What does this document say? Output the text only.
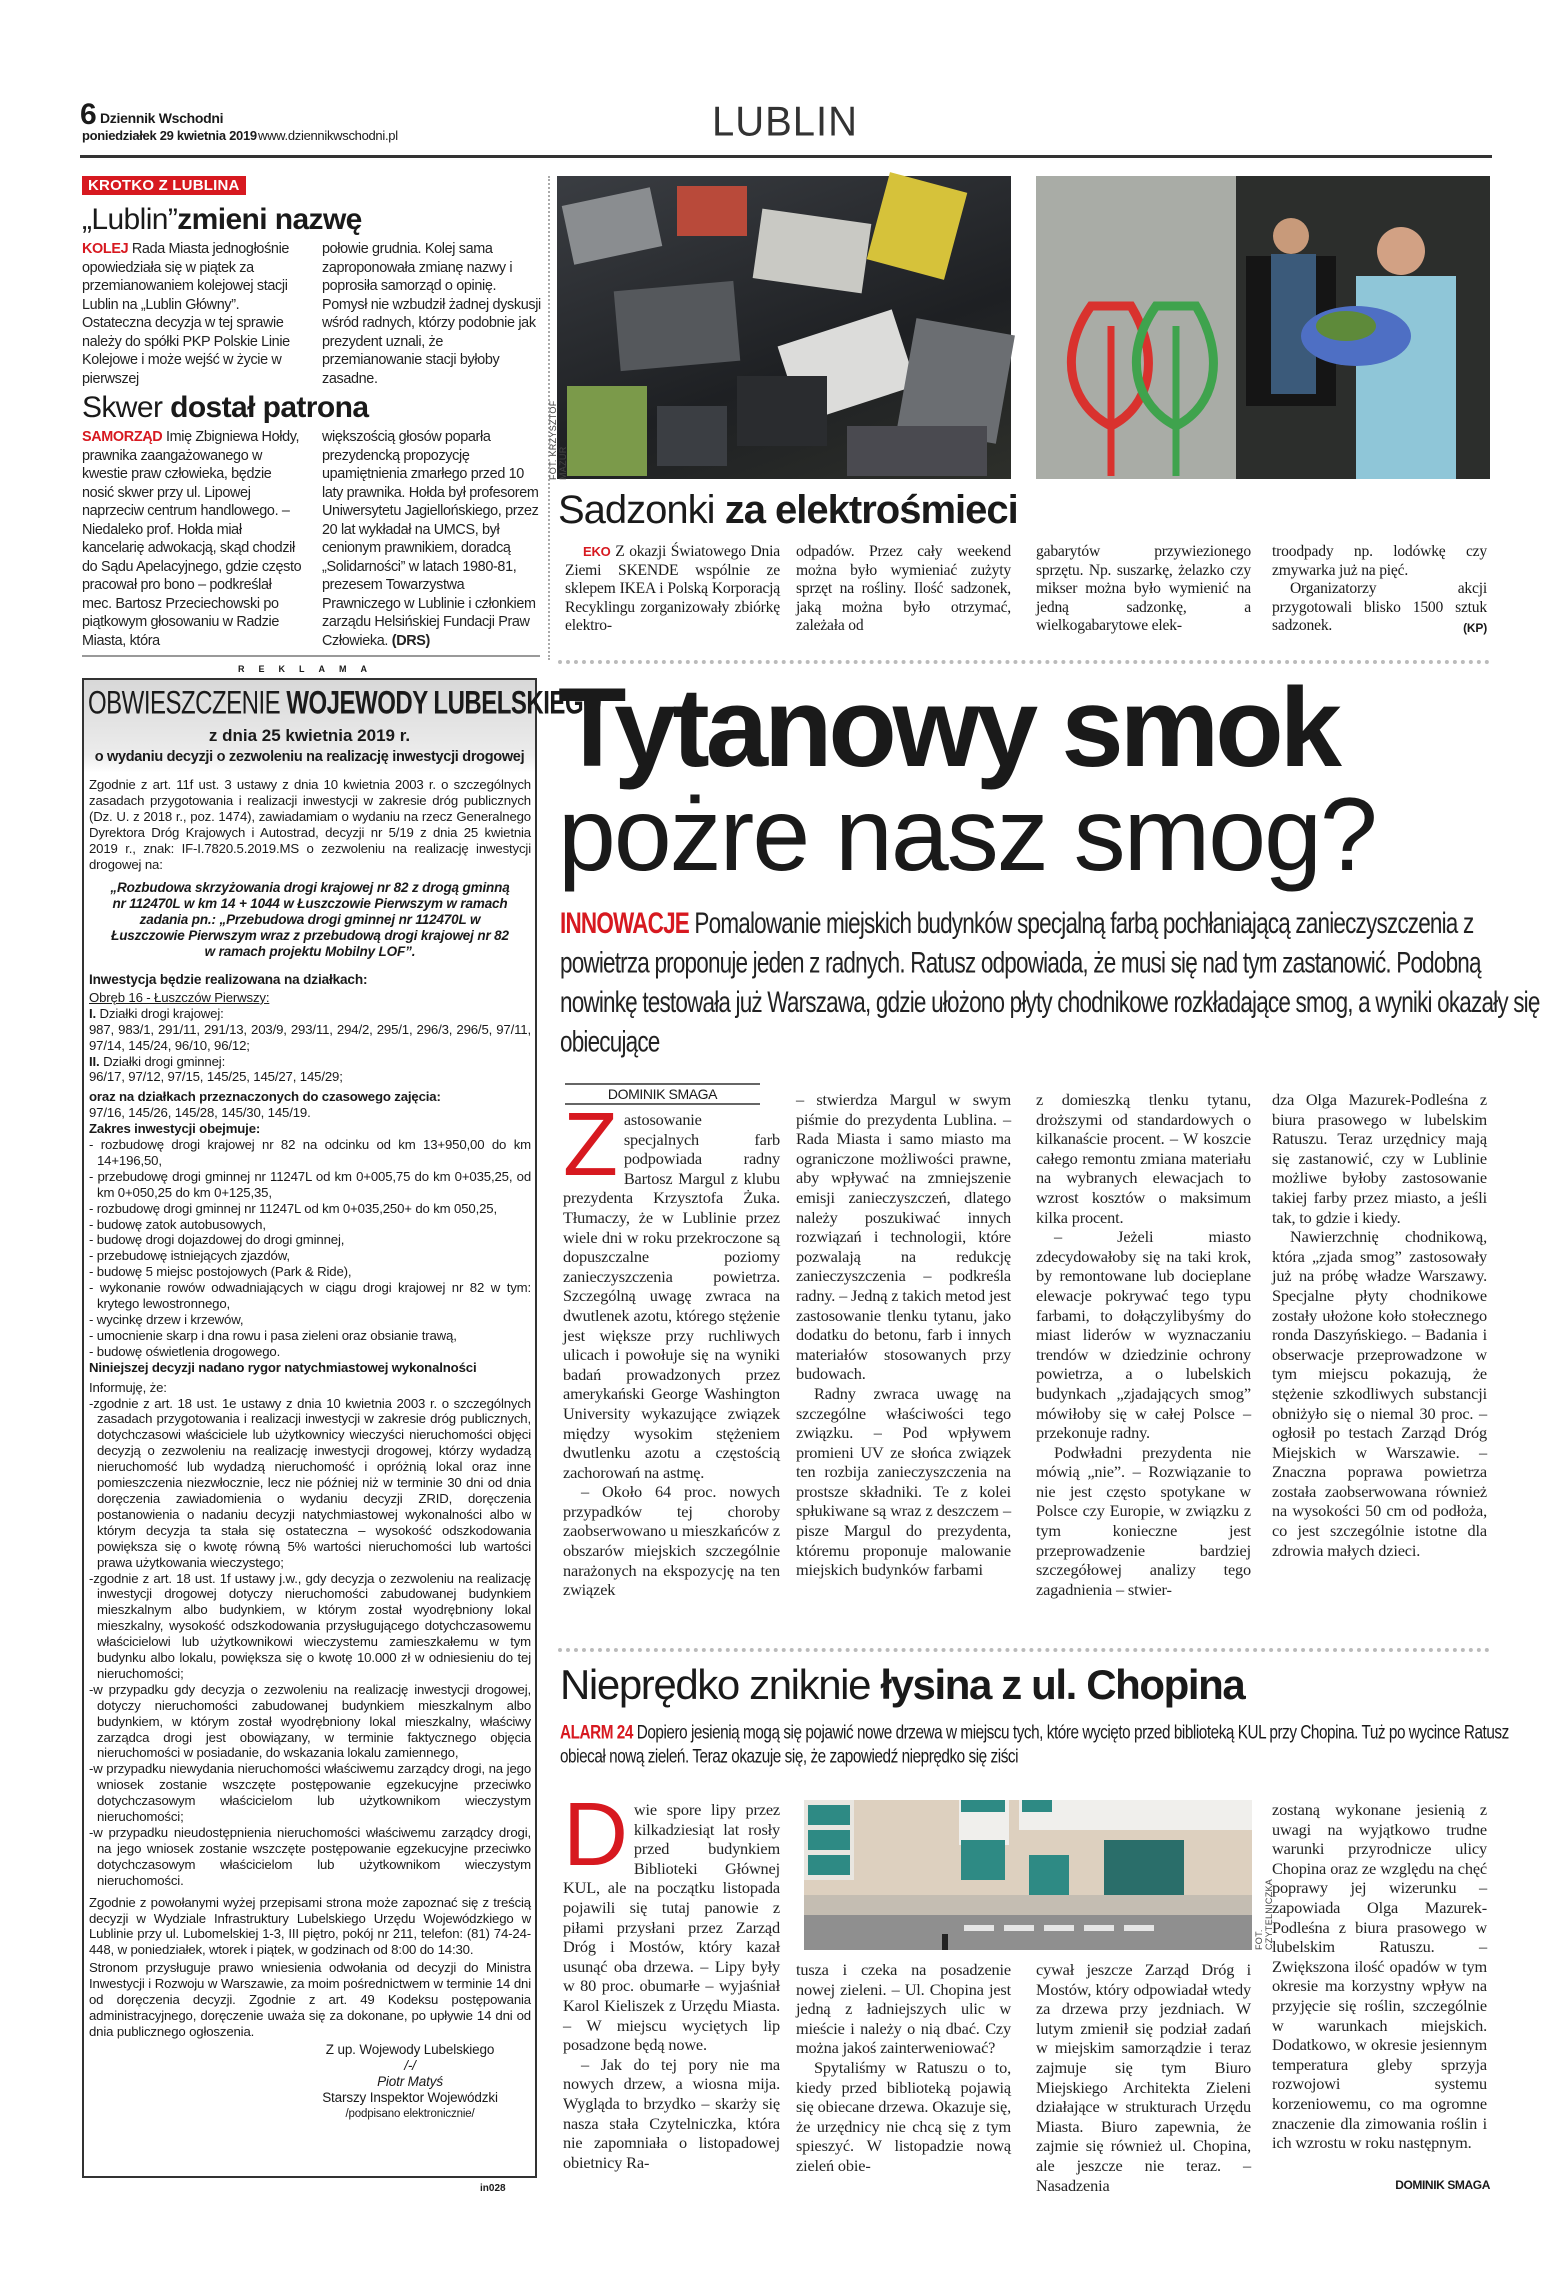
6 Dziennik Wschodni
poniedziałek 29 kwietnia 2019 www.dziennikwschodni.pl	LUBLIN
KROTKO Z LUBLINA
„Lublin”zmieni nazwę
KOLEJ Rada Miasta jednogłośnie opowiedziała się w piątek za przemianowaniem kolejowej stacji Lublin na „Lublin Główny”. Ostateczna decyzja w tej sprawie należy do spółki PKP Polskie Linie Kolejowe i może wejść w życie w pierwszej
połowie grudnia. Kolej sama zaproponowała zmianę nazwy i poprosiła samorząd o opinię. Pomysł nie wzbudził żadnej dyskusji wśród radnych, którzy podobnie jak prezydent uznali, że przemianowanie stacji byłoby zasadne.
Skwer dostał patrona
SAMORZĄD Imię Zbigniewa Hołdy, prawnika zaangażowanego w kwestie praw człowieka, będzie nosić skwer przy ul. Lipowej naprzeciw centrum handlowego. – Niedaleko prof. Hołda miał kancelarię adwokacją, skąd chodził do Sądu Apelacyjnego, gdzie często pracował pro bono – podkreślał mec. Bartosz Przeciechowski po piątkowym głosowaniu w Radzie Miasta, która
większością głosów poparła prezydencką propozycję upamiętnienia zmarłego przed 10 laty prawnika. Hołda był profesorem Uniwersytetu Jagiellońskiego, przez 20 lat wykładał na UMCS, był cenionym prawnikiem, doradcą „Solidarności” w latach 1980-81, prezesem Towarzystwa Prawniczego w Lublinie i członkiem zarządu Helsińskiej Fundacji Praw Człowieka. (DRS)
REKLAMA
OBWIESZCZENIE WOJEWODY LUBELSKIEGO
z dnia 25 kwietnia 2019 r.
o wydaniu decyzji o zezwoleniu na realizację inwestycji drogowej

Zgodnie z art. 11f ust. 3 ustawy z dnia 10 kwietnia 2003 r. o szczególnych zasadach przygotowania i realizacji inwestycji w zakresie dróg publicznych (Dz. U. z 2018 r., poz. 1474), zawiadamiam o wydaniu na rzecz Generalnego Dyrektora Dróg Krajowych i Autostrad, decyzji nr 5/19 z dnia 25 kwietnia 2019 r., znak: IF-I.7820.5.2019.MS o zezwoleniu na realizację inwestycji drogowej na:

„Rozbudowa skrzyżowania drogi krajowej nr 82 z drogą gminną nr 112470L w km 14 + 1044 w Łuszczowie Pierwszym w ramach zadania pn.: „Przebudowa drogi gminnej nr 112470L w Łuszczowie Pierwszym wraz z przebudową drogi krajowej nr 82 w ramach projektu Mobilny LOF”.

Inwestycja będzie realizowana na działkach:

Obręb 16 - Łuszczów Pierwszy:

I. Działki drogi krajowej:

987, 983/1, 291/11, 291/13, 203/9, 293/11, 294/2, 295/1, 296/3, 296/5, 97/11, 97/14, 145/24, 96/10, 96/12;

II. Działki drogi gminnej:

96/17, 97/12, 97/15, 145/25, 145/27, 145/29;

oraz na działkach przeznaczonych do czasowego zajęcia:

97/16, 145/26, 145/28, 145/30, 145/19.

Zakres inwestycji obejmuje:

- rozbudowę drogi krajowej nr 82 na odcinku od km 13+950,00 do km 14+196,50,

- przebudowę drogi gminnej nr 11247L od km 0+005,75 do km 0+035,25, od km 0+050,25 do km 0+125,35,

- rozbudowę drogi gminnej nr 11247L od km 0+035,250+ do km 050,25,

- budowę zatok autobusowych,

- budowę drogi dojazdowej do drogi gminnej,

- przebudowę istniejących zjazdów,

- budowę 5 miejsc postojowych (Park & Ride),

- wykonanie rowów odwadniających w ciągu drogi krajowej nr 82 w tym: krytego lewostronnego,

- wycinkę drzew i krzewów,

- umocnienie skarp i dna rowu i pasa zieleni oraz obsianie trawą,

- budowę oświetlenia drogowego.

Niniejszej decyzji nadano rygor natychmiastowej wykonalności

Informuję, że:

-zgodnie z art. 18 ust. 1e ustawy z dnia 10 kwietnia 2003 r. o szczególnych zasadach przygotowania i realizacji inwestycji w zakresie dróg publicznych, dotychczasowi właściciele lub użytkownicy wieczyści nieruchomości objęci decyzją o zezwoleniu na realizację inwestycji drogowej, którzy wydadzą nieruchomość lub wydadzą nieruchomość i opróżnią lokal oraz inne pomieszczenia niezwłocznie, lecz nie później niż w terminie 30 dni od dnia doręczenia zawiadomienia o wydaniu decyzji ZRID, doręczenia postanowienia o nadaniu decyzji natychmiastowej wykonalności albo w którym decyzja ta stała się ostateczna – wysokość odszkodowania powiększa się o kwotę równą 5% wartości nieruchomości lub wartości prawa użytkowania wieczystego;

-zgodnie z art. 18 ust. 1f ustawy j.w., gdy decyzja o zezwoleniu na realizację inwestycji drogowej dotyczy nieruchomości zabudowanej budynkiem mieszkalnym albo budynkiem, w którym został wyodrębniony lokal mieszkalny, wysokość odszkodowania przysługującego dotychczasowemu właścicielowi lub użytkownikowi wieczystemu zamieszkałemu w tym budynku albo lokalu, powiększa się o kwotę 10.000 zł w odniesieniu do tej nieruchomości;

-w przypadku gdy decyzja o zezwoleniu na realizację inwestycji drogowej, dotyczy nieruchomości zabudowanej budynkiem mieszkalnym albo budynkiem, w którym został wyodrębniony lokal mieszkalny, właściwy zarządca drogi jest obowiązany, w terminie faktycznego objęcia nieruchomości w posiadanie, do wskazania lokalu zamiennego,

-w przypadku niewydania nieruchomości właściwemu zarządcy drogi, na jego wniosek zostanie wszczęte postępowanie egzekucyjne przeciwko dotychczasowym właścicielom lub użytkownikom wieczystym nieruchomości;

-w przypadku nieudostępnienia nieruchomości właściwemu zarządcy drogi, na jego wniosek zostanie wszczęte postępowanie egzekucyjne przeciwko dotychczasowym właścicielom lub użytkownikom wieczystym nieruchomości.

Zgodnie z powołanymi wyżej przepisami strona może zapoznać się z treścią decyzji w Wydziale Infrastruktury Lubelskiego Urzędu Wojewódzkiego w Lublinie przy ul. Lubomelskiej 1-3, III piętro, pokój nr 211, telefon: (81) 74-24-448, w poniedziałek, wtorek i piątek, w godzinach od 8:00 do 14:30.

Stronom przysługuje prawo wniesienia odwołania od decyzji do Ministra Inwestycji i Rozwoju w Warszawie, za moim pośrednictwem w terminie 14 dni od doręczenia decyzji. Zgodnie z art. 49 Kodeksu postępowania administracyjnego, doręczenie uważa się za dokonane, po upływie 14 dni od dnia publicznego ogłoszenia.

Z up. Wojewody Lubelskiego
/-/
Piotr Matyś
Starszy Inspektor Wojewódzki
/podpisano elektronicznie/
in028
FOT. KRZYSZTOF MAZUR
Sadzonki za elektrośmieci

EKO Z okazji Światowego Dnia Ziemi SKENDE wspólnie ze sklepem IKEA i Polską Korporacją Recyklingu zorganizowały zbiórkę elektro-

odpadów. Przez cały weekend można było wymieniać zużyty sprzęt na rośliny. Ilość sadzonek, jaką można było otrzymać, zależała od

gabarytów przywiezionego sprzętu. Np. suszarkę, żelazko czy mikser można było wymienić na jedną sadzonkę, a wielkogabarytowe elek-

troodpady np. lodówkę czy zmywarka już na pięć.

Organizatorzy akcji przygotowali blisko 1500 sztuk sadzonek.	(KP)
Tytanowy smok
pożre nasz smog?
INNOWACJE Pomalowanie miejskich budynków specjalną farbą pochłaniającą zanieczyszczenia z powietrza proponuje jeden z radnych. Ratusz odpowiada, że musi się nad tym zastanowić. Podobną nowinkę testowała już Warszawa, gdzie ułożono płyty chodnikowe rozkładające smog, a wyniki okazały się obiecujące
DOMINIK SMAGA

Zastosowanie specjalnych farb podpowiada radny Bartosz Margul z klubu prezydenta Krzysztofa Żuka. Tłumaczy, że w Lublinie przez wiele dni w roku przekroczone są dopuszczalne poziomy zanieczyszczenia powietrza. Szczególną uwagę zwraca na dwutlenek azotu, którego stężenie jest większe przy ruchliwych ulicach i powołuje się na wyniki badań prowadzonych przez amerykański George Washington University wykazujące związek między wysokim stężeniem dwutlenku azotu a częstością zachorowań na astmę.

– Około 64 proc. nowych przypadków tej choroby zaobserwowano u mieszkańców z obszarów miejskich szczególnie narażonych na ekspozycję na ten związek

– stwierdza Margul w swym piśmie do prezydenta Lublina. – Rada Miasta i samo miasto ma ograniczone możliwości prawne, aby wpływać na zmniejszenie emisji zanieczyszczeń, dlatego należy poszukiwać innych rozwiązań i technologii, które pozwalają na redukcję zanieczyszczenia – podkreśla radny. – Jedną z takich metod jest zastosowanie tlenku tytanu, jako dodatku do betonu, farb i innych materiałów stosowanych przy budowach.

Radny zwraca uwagę na szczególne właściwości tego związku. – Pod wpływem promieni UV ze słońca związek ten rozbija zanieczyszczenia na prostsze składniki. Te z kolei spłukiwane są wraz z deszczem – pisze Margul do prezydenta, któremu proponuje malowanie miejskich budynków farbami

z domieszką tlenku tytanu, droższymi od standardowych o kilkanaście procent. – W koszcie całego remontu zmiana materiału na wybranych elewacjach to wzrost kosztów o maksimum kilka procent.

– Jeżeli miasto zdecydowałoby się na taki krok, by remontowane lub docieplane elewacje pokrywać tego typu farbami, to dołączylibyśmy do miast liderów w wyznaczaniu trendów w dziedzinie ochrony powietrza, a o lubelskich budynkach „zjadających smog” mówiłoby się w całej Polsce – przekonuje radny.

Podwładni prezydenta nie mówią „nie”. – Rozwiązanie to nie jest często spotykane w Polsce czy Europie, w związku z tym konieczne jest przeprowadzenie bardziej szczegółowej analizy tego zagadnienia – stwier-

dza Olga Mazurek-Podleśna z biura prasowego w lubelskim Ratuszu. Teraz urzędnicy mają się zastanowić, czy w Lublinie możliwe byłoby zastosowanie takiej farby przez miasto, a jeśli tak, to gdzie i kiedy.

Nawierzchnię chodnikową, która „zjada smog” zastosowały już na próbę władze Warszawy. Specjalne płyty chodnikowe zostały ułożone koło stołecznego ronda Daszyńskiego. – Badania i obserwacje przeprowadzone w tym miejscu pokazują, że stężenie szkodliwych substancji obniżyło się o niemal 30 proc. – ogłosił po testach Zarząd Dróg Miejskich w Warszawie. – Znaczna poprawa powietrza została zaobserwowana również na wysokości 50 cm od podłoża, co jest szczególnie istotne dla zdrowia małych dzieci.

Nieprędko zniknie łysina z ul. Chopina
ALARM 24 Dopiero jesienią mogą się pojawić nowe drzewa w miejscu tych, które wycięto przed biblioteką KUL przy Chopina. Tuż po wycince Ratusz obiecał nową zieleń. Teraz okazuje się, że zapowiedź nieprędko się ziści

Dwie spore lipy przez kilkadziesiąt lat rosły przed budynkiem Biblioteki Głównej KUL, ale na początku listopada pojawili się tutaj panowie z piłami przysłani przez Zarząd Dróg i Mostów, który kazał usunąć oba drzewa. – Lipy były w 80 proc. obumarłe – wyjaśniał Karol Kieliszek z Urzędu Miasta. – W miejscu wyciętych lip posadzone będą nowe.

– Jak do tej pory nie ma nowych drzew, a wiosna mija. Wygląda to brzydko – skarży się nasza stała Czytelniczka, która nie zapomniała o listopadowej obietnicy Ra-

FOT. CZYTELNICZKA

tusza i czeka na posadzenie nowej zieleni. – Ul. Chopina jest jedną z ładniejszych ulic w mieście i należy o nią dbać. Czy można jakoś zainterweniować?

Spytaliśmy w Ratuszu o to, kiedy przed biblioteką pojawią się obiecane drzewa. Okazuje się, że urzędnicy nie chcą się z tym spieszyć. W listopadzie nową zieleń obie-

cywał jeszcze Zarząd Dróg i Mostów, który odpowiadał wtedy za drzewa przy jezdniach. W lutym zmienił się podział zadań w miejskim samorządzie i teraz zajmuje się tym Biuro Miejskiego Architekta Zieleni działające w strukturach Urzędu Miasta. Biuro zapewnia, że zajmie się również ul. Chopina, ale jeszcze nie teraz. – Nasadzenia

zostaną wykonane jesienią z uwagi na wyjątkowo trudne warunki przyrodnicze ulicy Chopina oraz ze względu na chęć poprawy jej wizerunku – zapowiada Olga Mazurek-Podleśna z biura prasowego w lubelskim Ratuszu. – Zwiększona ilość opadów w tym okresie ma korzystny wpływ na przyjęcie się roślin, szczególnie w warunkach miejskich. Dodatkowo, w okresie jesiennym temperatura gleby sprzyja rozwojowi systemu korzeniowemu, co ma ogromne znaczenie dla zimowania roślin i ich wzrostu w roku następnym.

DOMINIK SMAGA
